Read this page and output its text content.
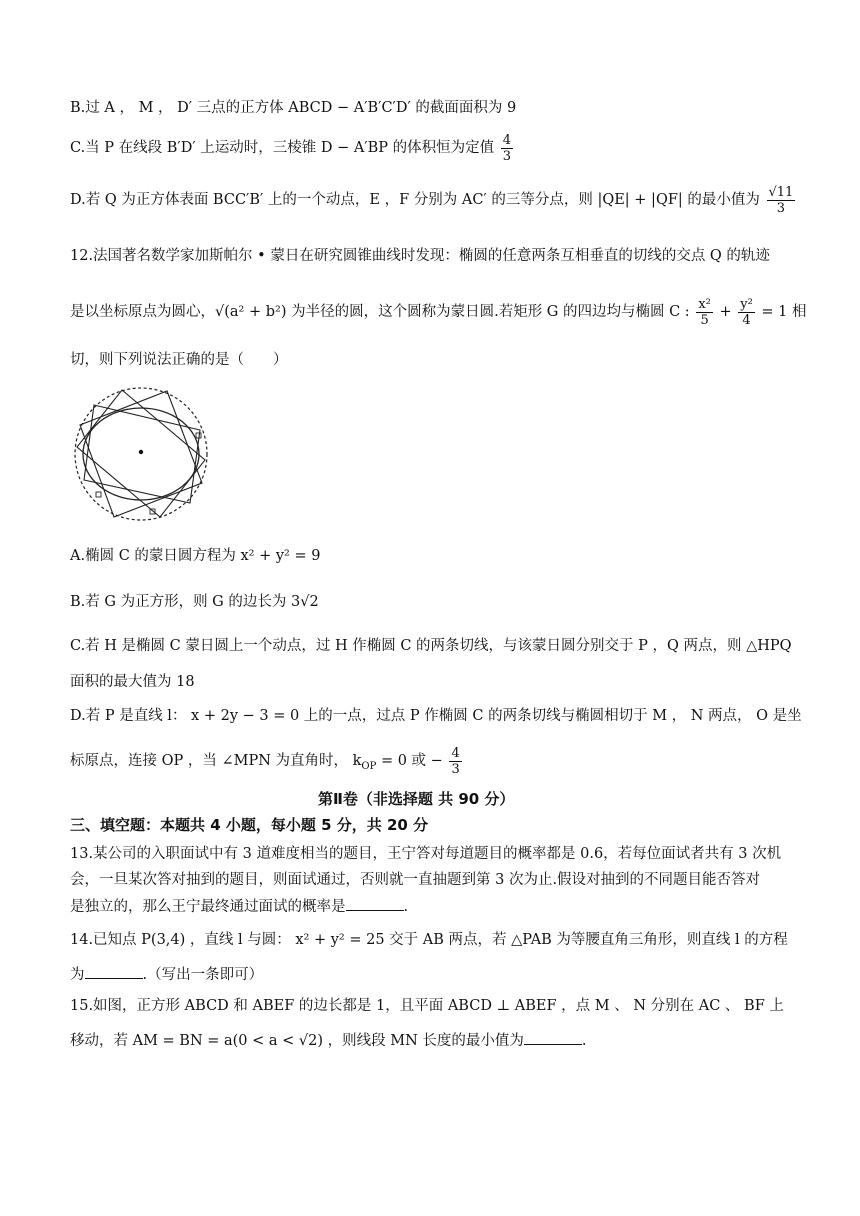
B.过 A ， M ， D′ 三点的正方体 ABCD − A′B′C′D′ 的截面面积为 9
C.当 P 在线段 B′D′ 上运动时，三棱锥 D − A′BP 的体积恒为定值 $\frac{4}{3}$
D.若 Q 为正方体表面 BCC′B′ 上的一个动点，E ，F 分别为 AC′ 的三等分点，则 |QE| + |QF| 的最小值为 $\frac{√11}{3}$
12.法国著名数学家加斯帕尔 • 蒙日在研究圆锥曲线时发现：椭圆的任意两条互相垂直的切线的交点 Q 的轨迹
是以坐标原点为圆心，√(a² + b²) 为半径的圆，这个圆称为蒙日圆.若矩形 G 的四边均与椭圆 C : $\frac{\text{x²}}{5} + \frac{\text{y²}}{4} = 1$ 相
切，则下列说法正确的是（　　）
A.椭圆 C 的蒙日圆方程为 x² + y² = 9
B.若 G 为正方形，则 G 的边长为 3√2
C.若 H 是椭圆 C 蒙日圆上一个动点，过 H 作椭圆 C 的两条切线，与该蒙日圆分别交于 P ，Q 两点，则 △HPQ
面积的最大值为 18
D.若 P 是直线 l： x + 2y − 3 = 0 上的一点，过点 P 作椭圆 C 的两条切线与椭圆相切于 M ， N 两点， O 是坐
标原点，连接 OP ，当 ∠MPN 为直角时， $k_{OP} = 0$ 或 − $\frac{4}{3}$
第Ⅱ卷（非选择题 共 90 分）
三、填空题：本题共 4 小题，每小题 5 分，共 20 分
13.某公司的入职面试中有 3 道难度相当的题目，王宁答对每道题目的概率都是 0.6，若每位面试者共有 3 次机
会，一旦某次答对抽到的题目，则面试通过，否则就一直抽题到第 3 次为止.假设对抽到的不同题目能否答对
是独立的，那么王宁最终通过面试的概率是	.
14.已知点 P(3,4) ，直线 l 与圆： x² + y² = 25 交于 AB 两点，若 △PAB 为等腰直角三角形，则直线 l 的方程
为	.（写出一条即可）
15.如图，正方形 ABCD 和 ABEF 的边长都是 1，且平面 ABCD ⊥ ABEF ，点 M 、 N 分别在 AC 、 BF 上
移动，若 AM = BN = a(0 < a < √2) ，则线段 MN 长度的最小值为	.
